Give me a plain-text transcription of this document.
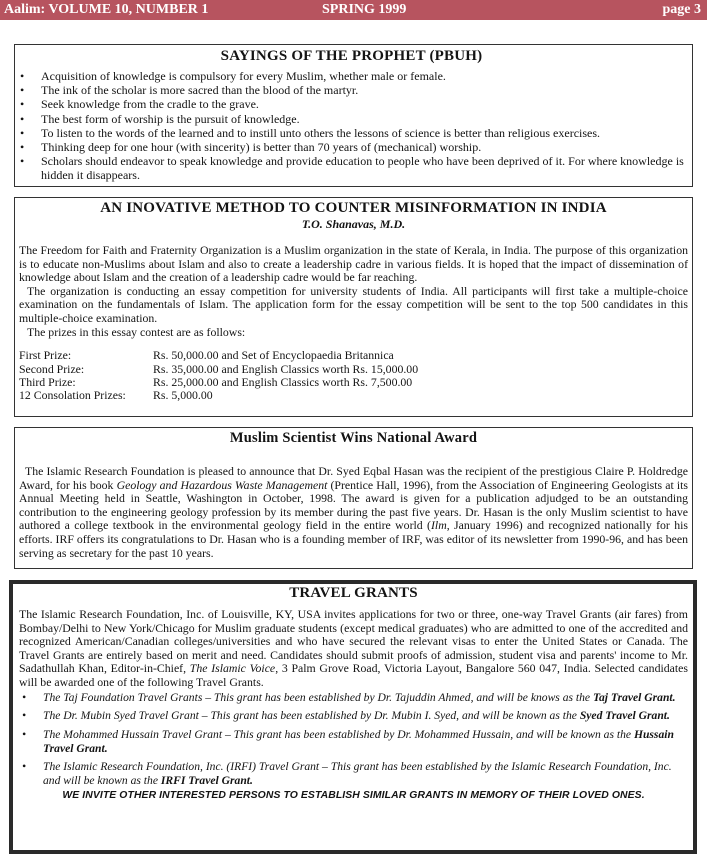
Aalim: VOLUME 10, NUMBER 1	SPRING 1999	page 3
SAYINGS OF THE PROPHET (PBUH)
• Acquisition of knowledge is compulsory for every Muslim, whether male or female.
• The ink of the scholar is more sacred than the blood of the martyr.
• Seek knowledge from the cradle to the grave.
• The best form of worship is the pursuit of knowledge.
• To listen to the words of the learned and to instill unto others the lessons of science is better than religious exercises.
• Thinking deep for one hour (with sincerity) is better than 70 years of (mechanical) worship.
• Scholars should endeavor to speak knowledge and provide education to people who have been deprived of it. For where knowledge is hidden it disappears.
AN INOVATIVE METHOD TO COUNTER MISINFORMATION IN INDIA
T.O. Shanavas, M.D.

The Freedom for Faith and Fraternity Organization is a Muslim organization in the state of Kerala, in India. The purpose of this organization is to educate non-Muslims about Islam and also to create a leadership cadre in various fields. It is hoped that the impact of dissemination of knowledge about Islam and the creation of a leadership cadre would be far reaching.

The organization is conducting an essay competition for university students of India. All participants will first take a multiple-choice examination on the fundamentals of Islam. The application form for the essay competition will be sent to the top 500 candidates in this multiple-choice examination.

The prizes in this essay contest are as follows:

First Prize:	Rs. 50,000.00 and Set of Encyclopaedia Britannica
Second Prize:	Rs. 35,000.00 and English Classics worth Rs. 15,000.00
Third Prize:	Rs. 25,000.00 and English Classics worth Rs. 7,500.00
12 Consolation Prizes:	Rs. 5,000.00
Muslim Scientist Wins National Award

The Islamic Research Foundation is pleased to announce that Dr. Syed Eqbal Hasan was the recipient of the prestigious Claire P. Holdredge Award, for his book Geology and Hazardous Waste Management (Prentice Hall, 1996), from the Association of Engineering Geologists at its Annual Meeting held in Seattle, Washington in October, 1998. The award is given for a publication adjudged to be an outstanding contribution to the engineering geology profession by its member during the past five years. Dr. Hasan is the only Muslim scientist to have authored a college textbook in the environmental geology field in the entire world (Ilm, January 1996) and recognized nationally for his efforts. IRF offers its congratulations to Dr. Hasan who is a founding member of IRF, was editor of its newsletter from 1990-96, and has been serving as secretary for the past 10 years.

TRAVEL GRANTS

The Islamic Research Foundation, Inc. of Louisville, KY, USA invites applications for two or three, one-way Travel Grants (air fares) from Bombay/Delhi to New York/Chicago for Muslim graduate students (except medical graduates) who are admitted to one of the accredited and recognized American/Canadian colleges/universities and who have secured the relevant visas to enter the United States or Canada. The Travel Grants are entirely based on merit and need. Candidates should submit proofs of admission, student visa and parents' income to Mr. Sadathullah Khan, Editor-in-Chief, The Islamic Voice, 3 Palm Grove Road, Victoria Layout, Bangalore 560 047, India. Selected candidates will be awarded one of the following Travel Grants.

• The Taj Foundation Travel Grants – This grant has been established by Dr. Tajuddin Ahmed, and will be knows as the Taj Travel Grant.
• The Dr. Mubin Syed Travel Grant – This grant has been established by Dr. Mubin I. Syed, and will be known as the Syed Travel Grant.
• The Mohammed Hussain Travel Grant – This grant has been established by Dr. Mohammed Hussain, and will be known as the Hussain Travel Grant.
• The Islamic Research Foundation, Inc. (IRFI) Travel Grant – This grant has been established by the Islamic Research Foundation, Inc. and will be known as the IRFI Travel Grant.
WE INVITE OTHER INTERESTED PERSONS TO ESTABLISH SIMILAR GRANTS IN MEMORY OF THEIR LOVED ONES.
